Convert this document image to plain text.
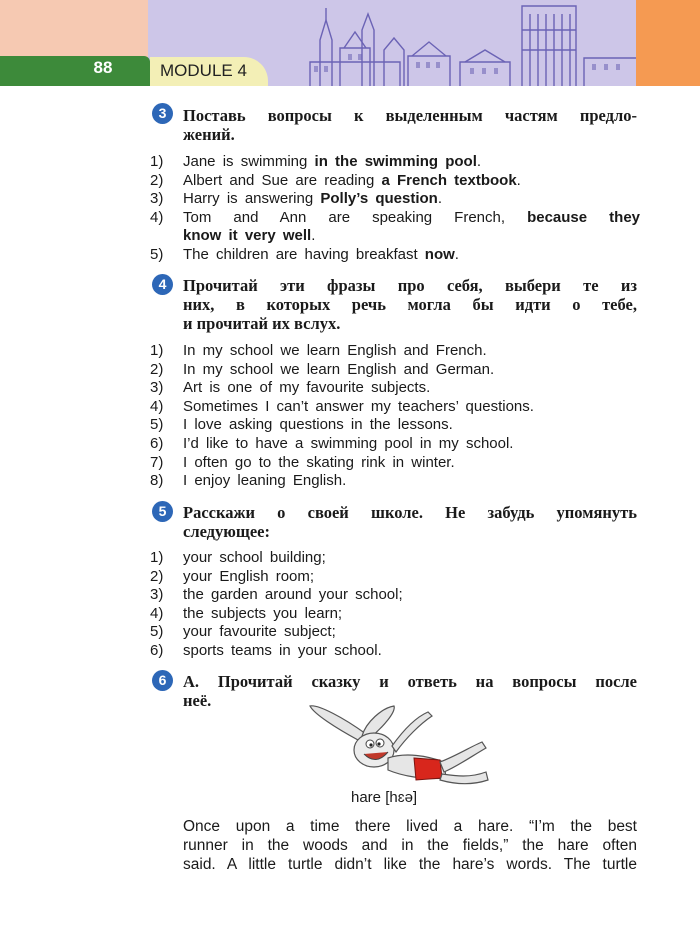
88	MODULE 4
3	Поставь вопросы к выделенным частям предло-
жений.
1) Jane is swimming in the swimming pool.
2) Albert and Sue are reading a French textbook.
3) Harry is answering Polly’s question.
4) Tom and Ann are speaking French, because they
know it very well.
5) The children are having breakfast now.
4	Прочитай эти фразы про себя, выбери те из
них, в которых речь могла бы идти о тебе,
и прочитай их вслух.
1) In my school we learn English and French.
2) In my school we learn English and German.
3) Art is one of my favourite subjects.
4) Sometimes I can’t answer my teachers’ questions.
5) I love asking questions in the lessons.
6) I’d like to have a swimming pool in my school.
7) I often go to the skating rink in winter.
8) I enjoy leaning English.
5	Расскажи о своей школе. Не забудь упомянуть
следующее:
1) your school building;
2) your English room;
3) the garden around your school;
4) the subjects you learn;
5) your favourite subject;
6) sports teams in your school.
6	А. Прочитай сказку и ответь на вопросы после
неё.
hare [hɛə]

Once upon a time there lived a hare. “I’m the best

runner in the woods and in the fields,” the hare often

said. A little turtle didn’t like the hare’s words. The turtle
